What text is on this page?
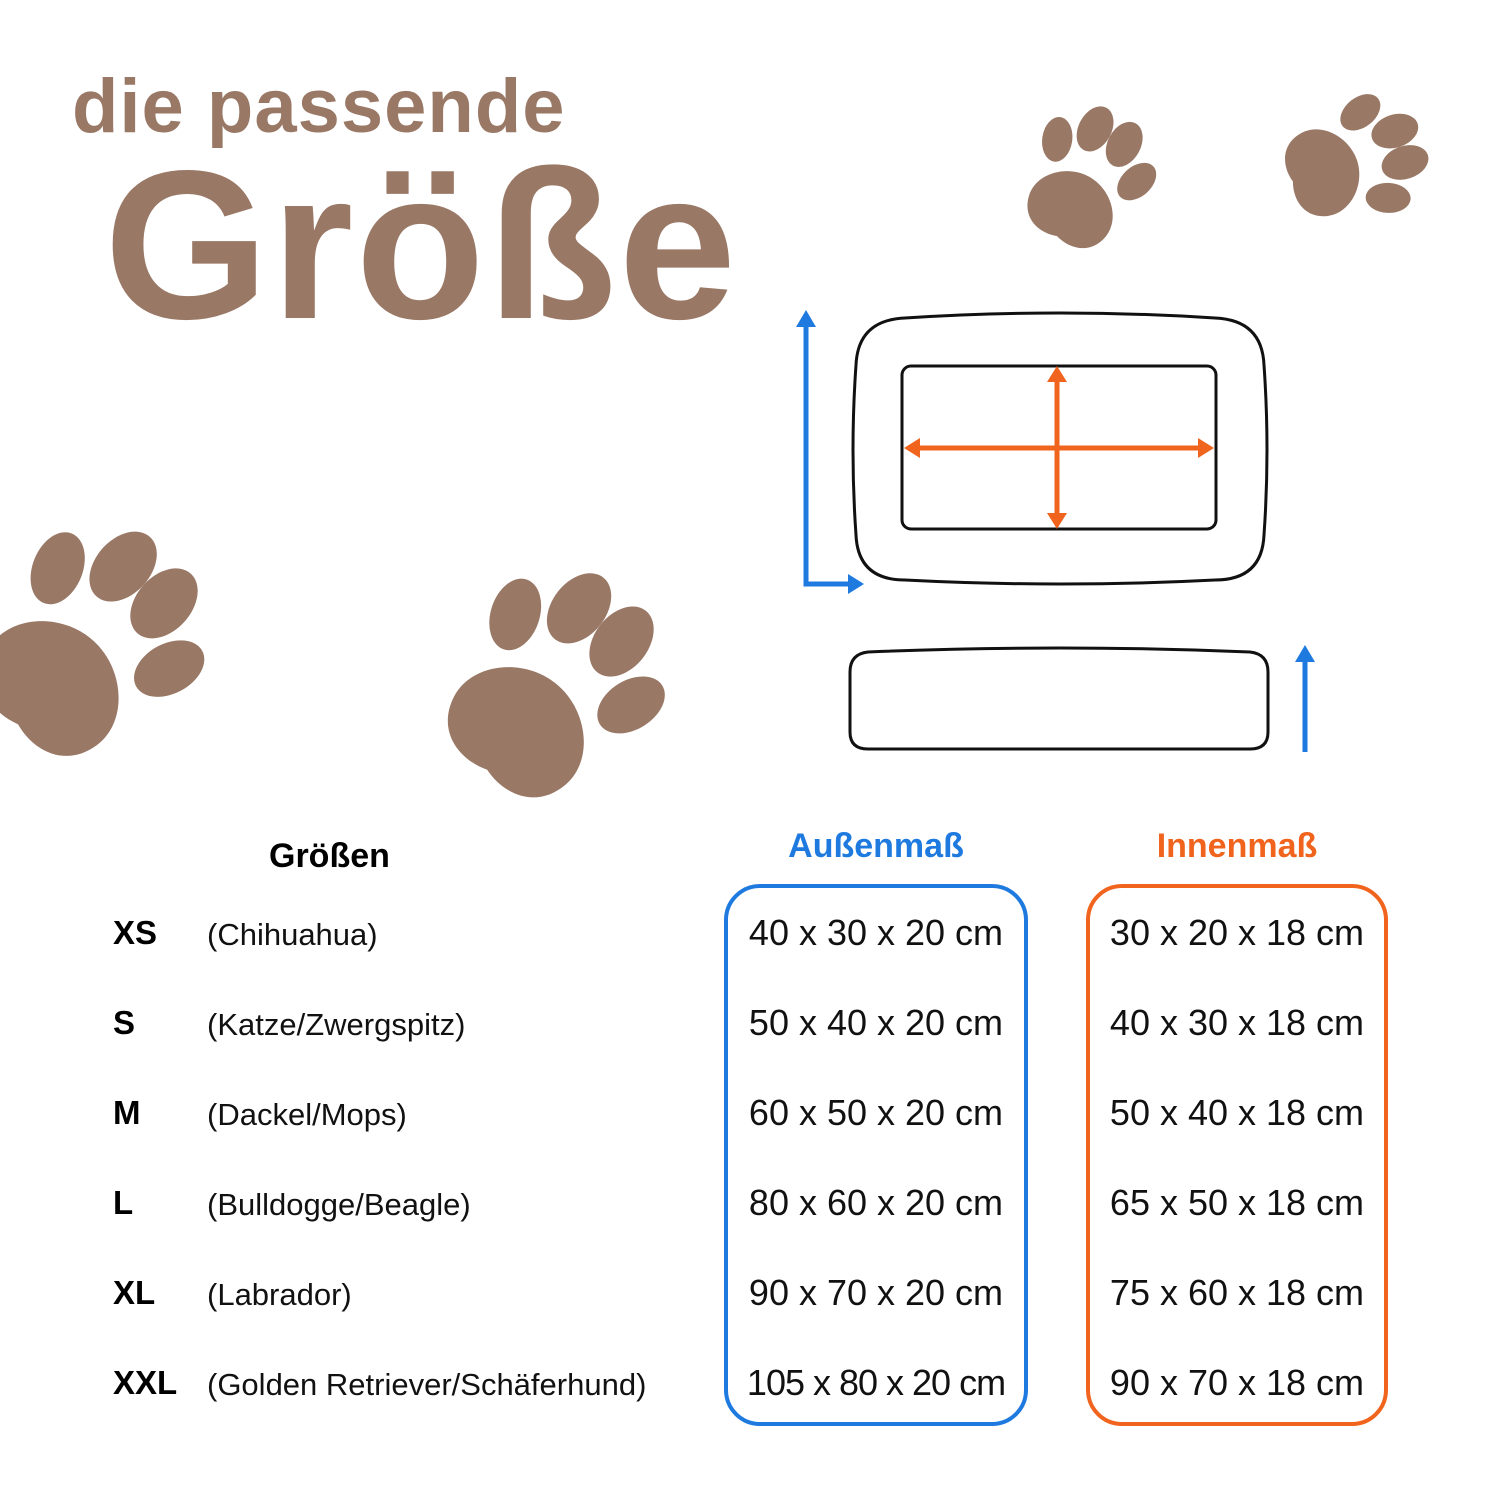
die passende
Größe
Größen	Außenmaß	Innenmaß
XS (Chihuahua)	40 x 30 x 20 cm	30 x 20 x 18 cm
S (Katze/Zwergspitz)	50 x 40 x 20 cm	40 x 30 x 18 cm
M (Dackel/Mops)	60 x 50 x 20 cm	50 x 40 x 18 cm
L (Bulldogge/Beagle)	80 x 60 x 20 cm	65 x 50 x 18 cm
XL (Labrador)	90 x 70 x 20 cm	75 x 60 x 18 cm
XXL (Golden Retriever/Schäferhund)	105 x 80 x 20 cm	90 x 70 x 18 cm
